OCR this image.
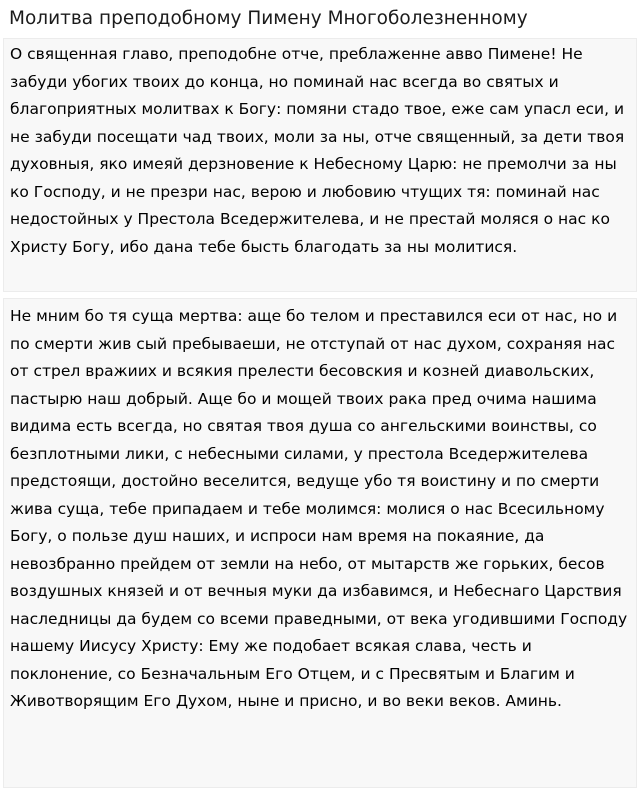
Молитва преподобному Пимену Многоболезненному

О священная главо, преподобне отче, преблаженне авво Пимене! Не забуди убогих твоих до конца, но поминай нас всегда во святых и благоприятных молитвах к Богу: помяни стадо твое, еже сам упасл еси, и не забуди посещати чад твоих, моли за ны, отче священный, за дети твоя духовныя, яко имеяй дерзновение к Небесному Царю: не премолчи за ны ко Господу, и не презри нас, верою и любовию чтущих тя: поминай нас недостойных у Престола Вседержителева, и не престай моляся о нас ко Христу Богу, ибо дана тебе бысть благодать за ны молитися.

Не мним бо тя суща мертва: аще бо телом и преставился еси от нас, но и по смерти жив сый пребываеши, не отступай от нас духом, сохраняя нас от стрел вражиих и всякия прелести бесовския и козней диавольских, пастырю наш добрый. Аще бо и мощей твоих рака пред очима нашима видима есть всегда, но святая твоя душа со ангельскими воинствы, со безплотными лики, с небесными силами, у престола Вседержителева предстоящи, достойно веселится, ведуще убо тя воистину и по смерти жива суща, тебе припадаем и тебе молимся: молися о нас Всесильному Богу, о пользе душ наших, и испроси нам время на покаяние, да невозбранно прейдем от земли на небо, от мытарств же горьких, бесов воздушных князей и от вечныя муки да избавимся, и Небеснаго Царствия наследницы да будем со всеми праведными, от века угодившими Господу нашему Иисусу Христу: Ему же подобает всякая слава, честь и поклонение, со Безначальным Его Отцем, и с Пресвятым и Благим и Животворящим Его Духом, ныне и присно, и во веки веков. Аминь.
